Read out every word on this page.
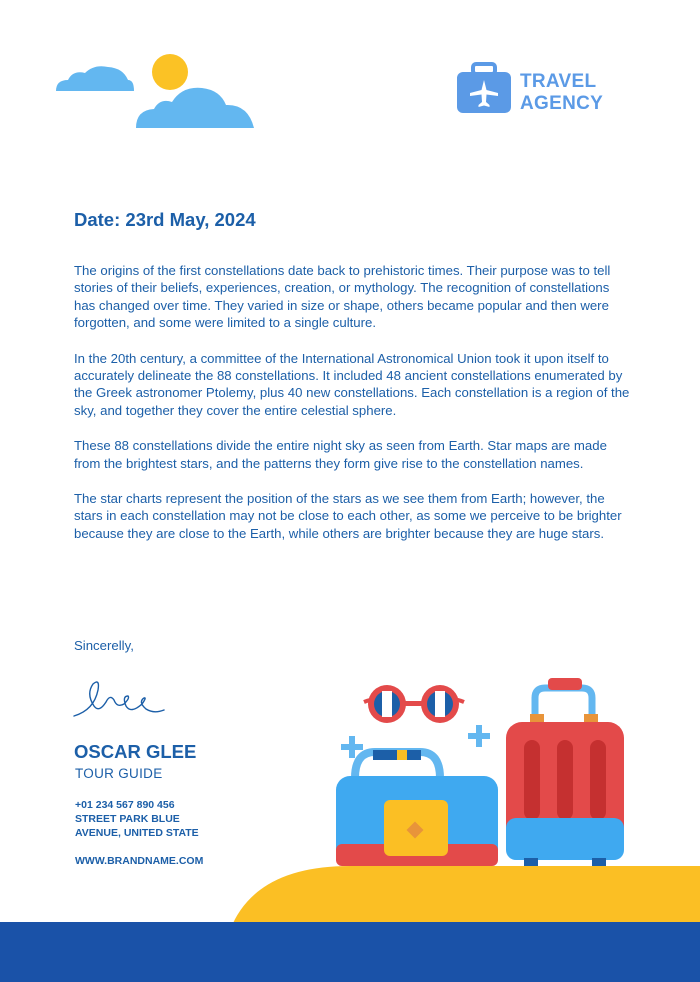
TRAVEL
AGENCY
Date: 23rd May, 2024

The origins of the first constellations date back to prehistoric times. Their purpose was to tell stories of their beliefs, experiences, creation, or mythology. The recognition of constellations has changed over time. They varied in size or shape, others became popular and then were forgotten, and some were limited to a single culture.

In the 20th century, a committee of the International Astronomical Union took it upon itself to accurately delineate the 88 constellations. It included 48 ancient constellations enumerated by the Greek astronomer Ptolemy, plus 40 new constellations. Each constellation is a region of the sky, and together they cover the entire celestial sphere.

These 88 constellations divide the entire night sky as seen from Earth. Star maps are made from the brightest stars, and the patterns they form give rise to the constellation names.

The star charts represent the position of the stars as we see them from Earth; however, the stars in each constellation may not be close to each other, as some we perceive to be brighter because they are close to the Earth, while others are brighter because they are huge stars.

Sincerelly,
OSCAR GLEE
TOUR GUIDE
+01 234 567 890 456
STREET PARK BLUE
AVENUE, UNITED STATE
WWW.BRANDNAME.COM
